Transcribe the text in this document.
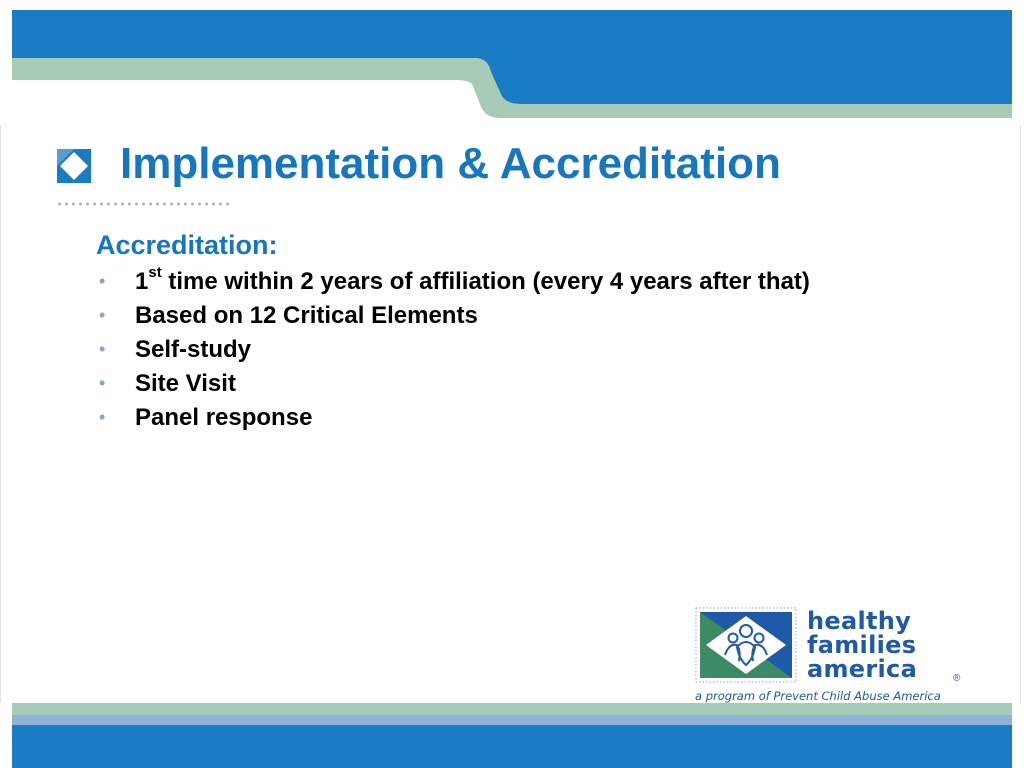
Implementation & Accreditation
Accreditation:
• 1st time within 2 years of affiliation (every 4 years after that)
• Based on 12 Critical Elements
• Self-study
• Site Visit
• Panel response
healthy
families
america	®
a program of Prevent Child Abuse America
